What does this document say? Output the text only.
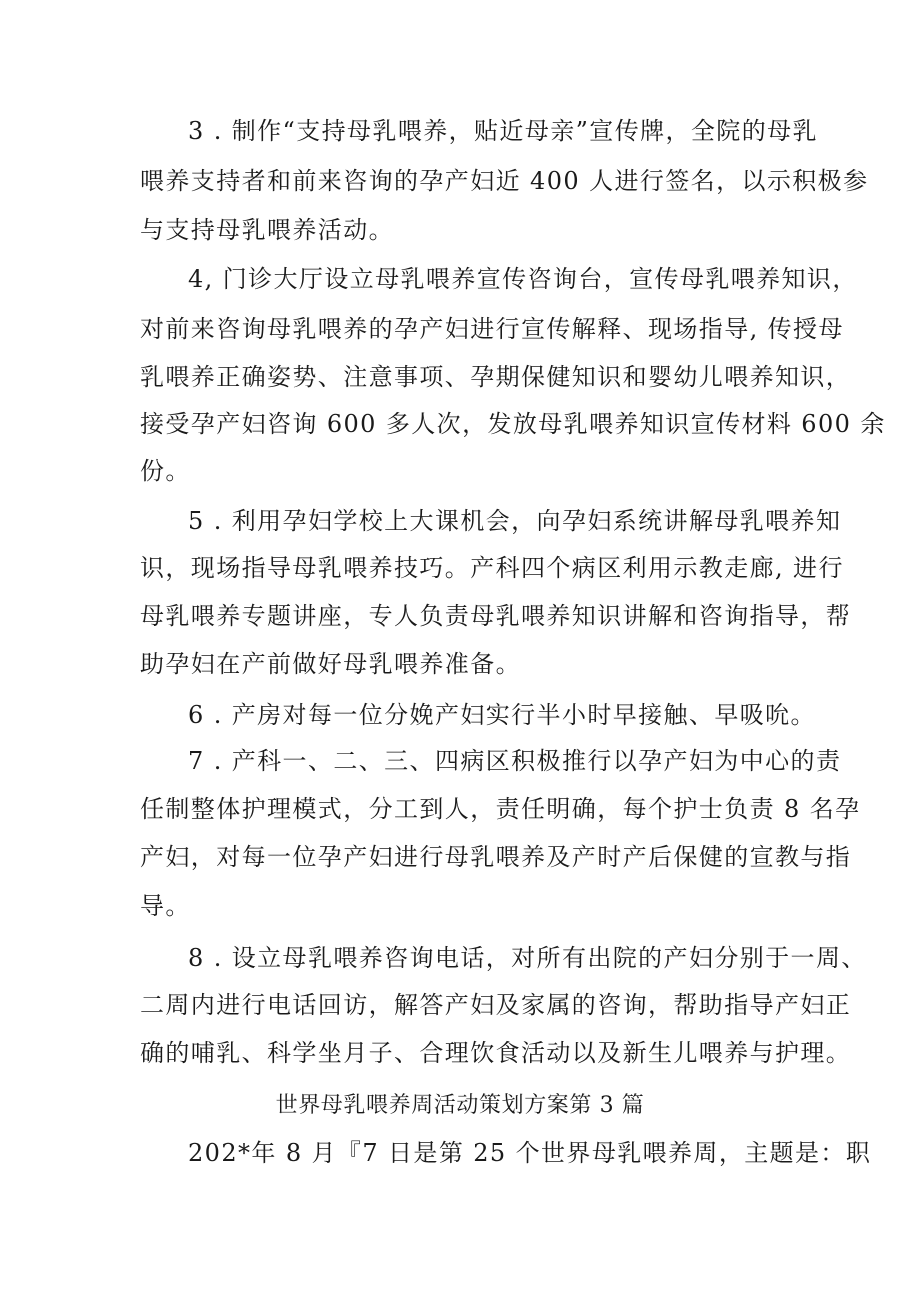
3 . 制作“支持母乳喂养，贴近母亲”宣传牌，全院的母乳
喂养支持者和前来咨询的孕产妇近 400 人进行签名，以示积极参
与支持母乳喂养活动。
4, 门诊大厅设立母乳喂养宣传咨询台，宣传母乳喂养知识，
对前来咨询母乳喂养的孕产妇进行宣传解释、现场指导, 传授母
乳喂养正确姿势、注意事项、孕期保健知识和婴幼儿喂养知识，
接受孕产妇咨询 600 多人次，发放母乳喂养知识宣传材料 600 余
份。
5 . 利用孕妇学校上大课机会，向孕妇系统讲解母乳喂养知
识，现场指导母乳喂养技巧。产科四个病区利用示教走廊, 进行
母乳喂养专题讲座，专人负责母乳喂养知识讲解和咨询指导，帮
助孕妇在产前做好母乳喂养准备。
6 . 产房对每一位分娩产妇实行半小时早接触、早吸吮。
7 . 产科一、二、三、四病区积极推行以孕产妇为中心的责
任制整体护理模式，分工到人，责任明确，每个护士负责 8 名孕
产妇，对每一位孕产妇进行母乳喂养及产时产后保健的宣教与指
导。
8 . 设立母乳喂养咨询电话，对所有出院的产妇分别于一周、
二周内进行电话回访，解答产妇及家属的咨询，帮助指导产妇正
确的哺乳、科学坐月子、合理饮食活动以及新生儿喂养与护理。
世界母乳喂养周活动策划方案第 3 篇
202*年 8 月『7 日是第 25 个世界母乳喂养周，主题是：职
